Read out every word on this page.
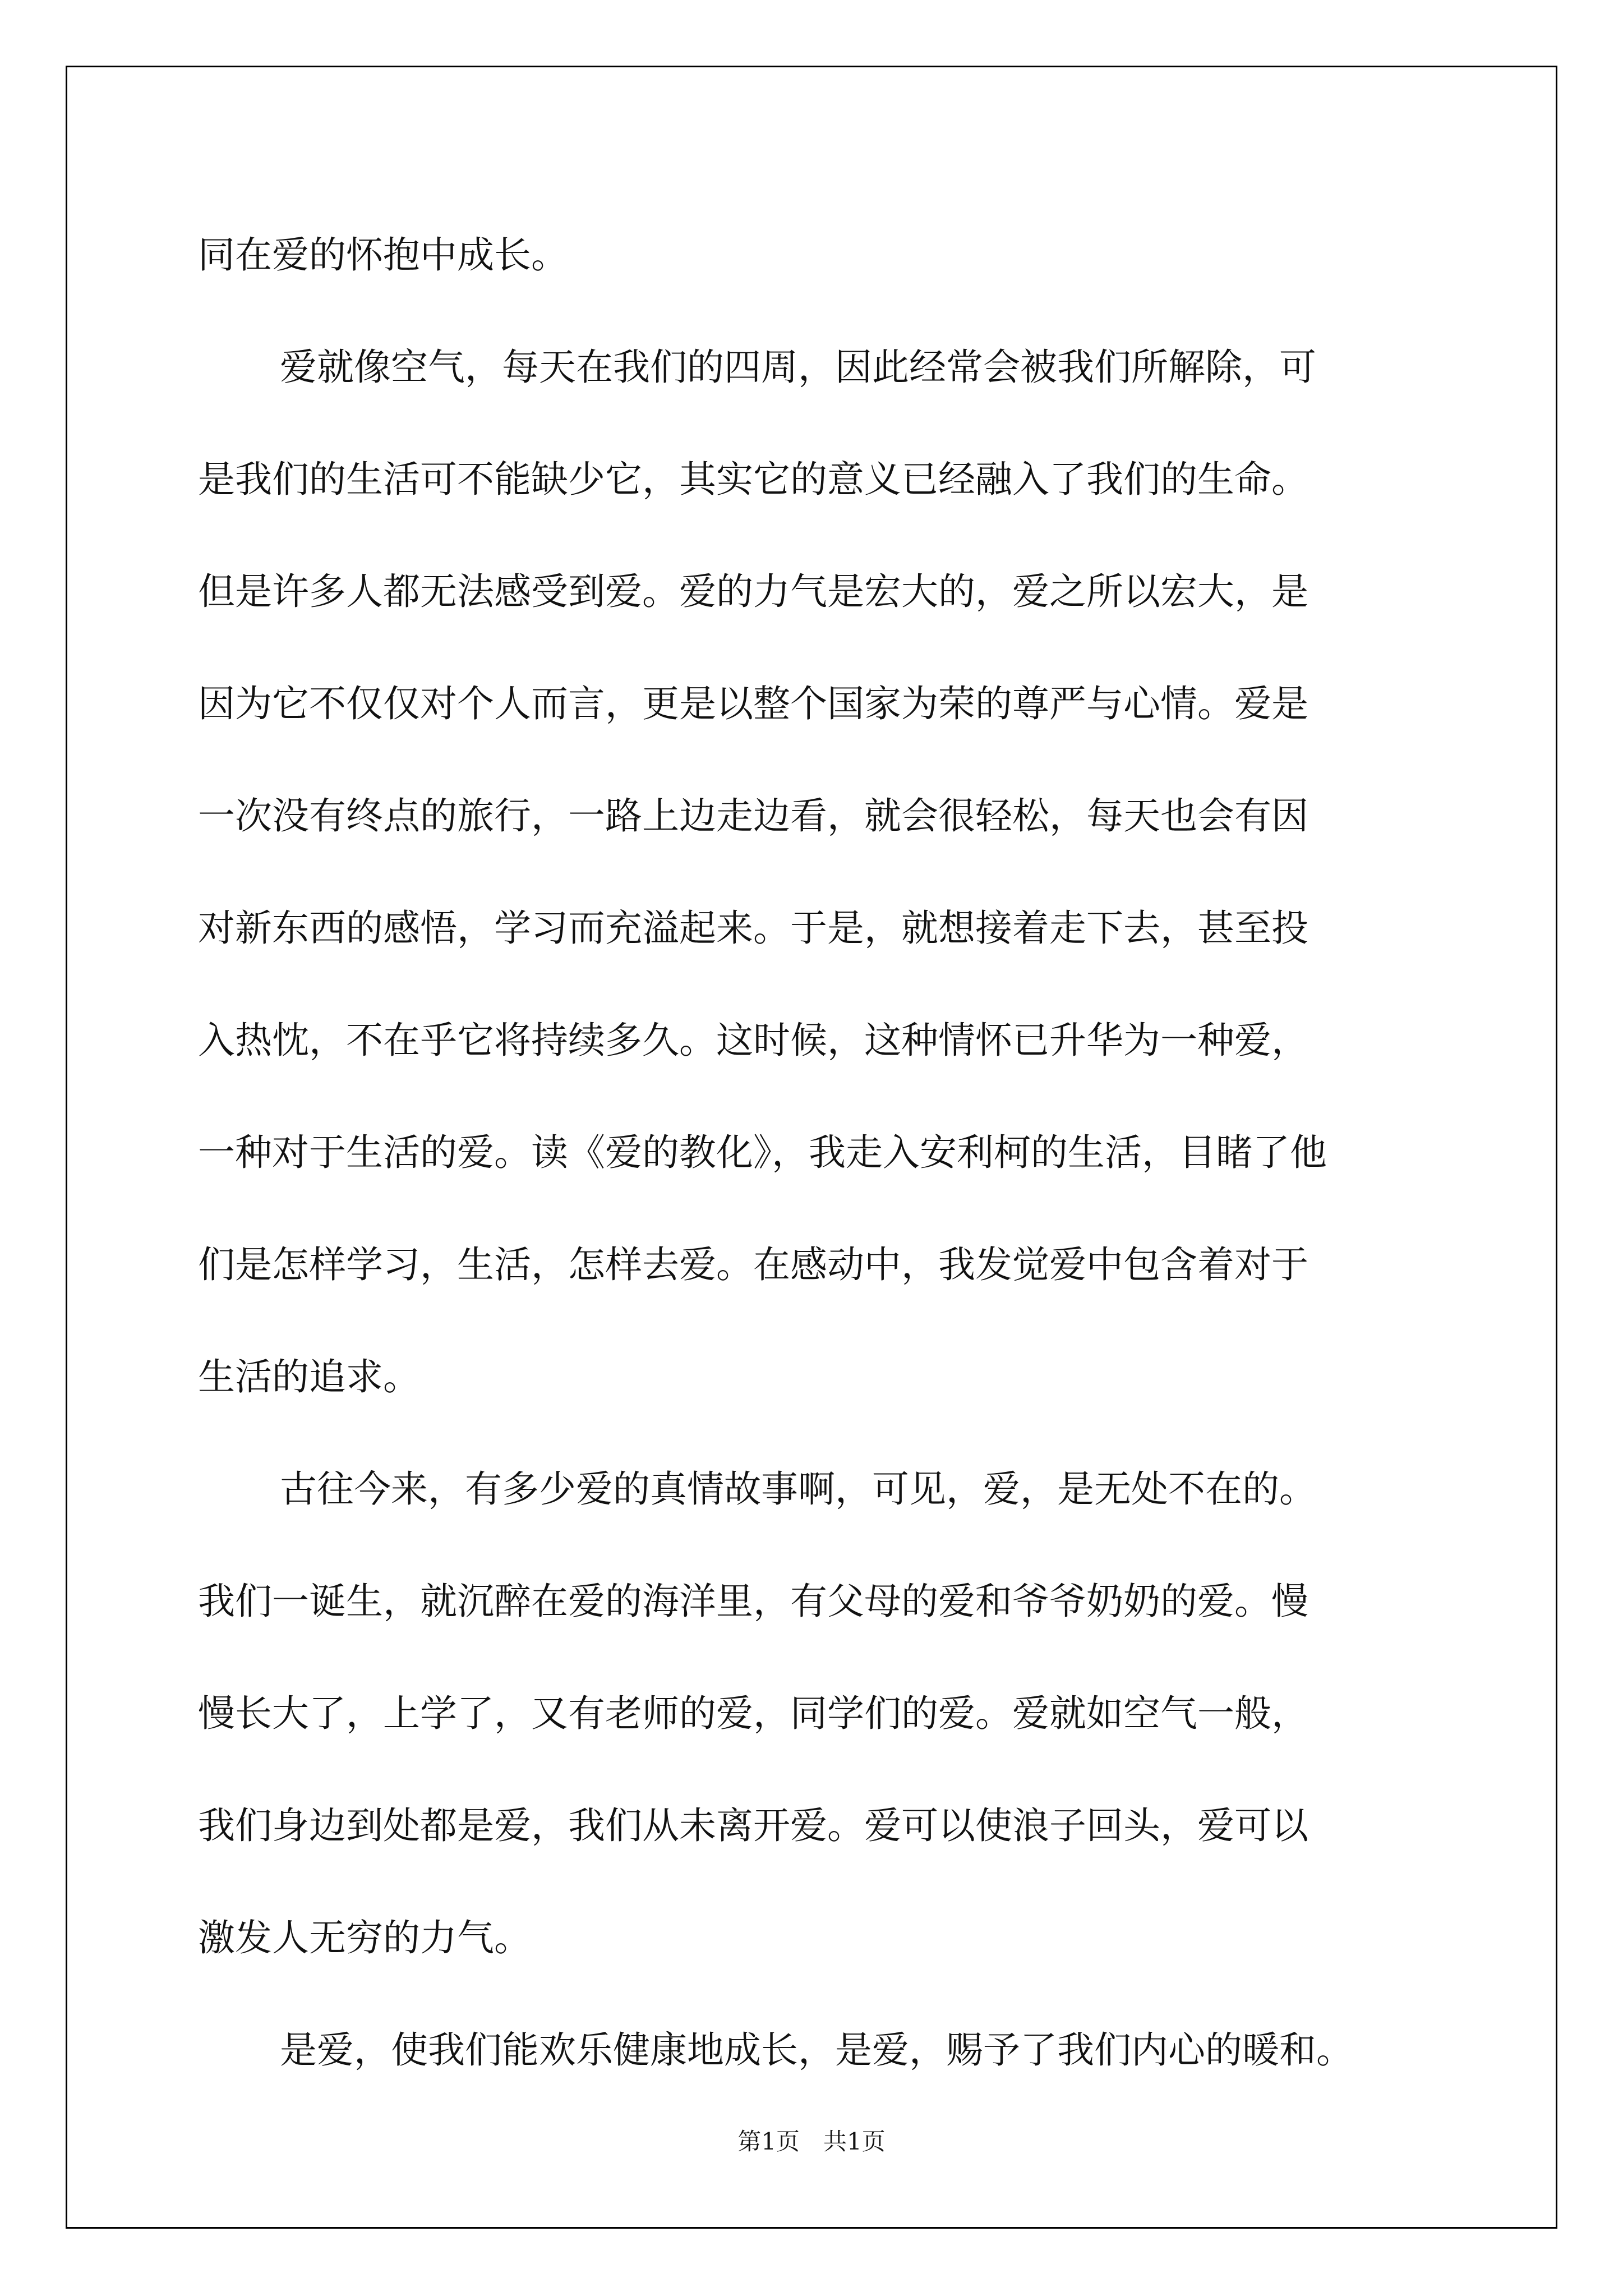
同在爱的怀抱中成长。
爱就像空气，每天在我们的四周，因此经常会被我们所解除，可
是我们的生活可不能缺少它，其实它的意义已经融入了我们的生命。
但是许多人都无法感受到爱。爱的力气是宏大的，爱之所以宏大，是
因为它不仅仅对个人而言，更是以整个国家为荣的尊严与心情。爱是
一次没有终点的旅行，一路上边走边看，就会很轻松，每天也会有因
对新东西的感悟，学习而充溢起来。于是，就想接着走下去，甚至投
入热忱，不在乎它将持续多久。这时候，这种情怀已升华为一种爱，
一种对于生活的爱。读《爱的教化》，我走入安利柯的生活，目睹了他
们是怎样学习，生活，怎样去爱。在感动中，我发觉爱中包含着对于
生活的追求。
古往今来，有多少爱的真情故事啊，可见，爱，是无处不在的。
我们一诞生，就沉醉在爱的海洋里，有父母的爱和爷爷奶奶的爱。慢
慢长大了，上学了，又有老师的爱，同学们的爱。爱就如空气一般，
我们身边到处都是爱，我们从未离开爱。爱可以使浪子回头，爱可以
激发人无穷的力气。
是爱，使我们能欢乐健康地成长，是爱，赐予了我们内心的暖和。
第1页　共1页
